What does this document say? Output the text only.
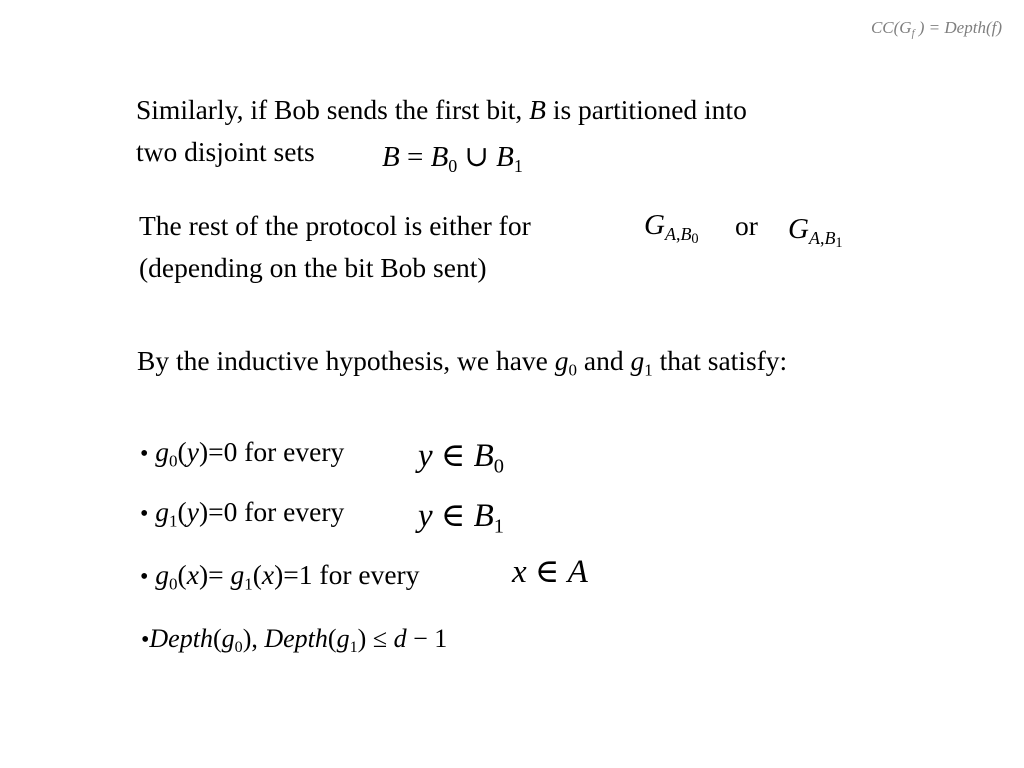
$CC(G_f$ ) = Depth(f)
Similarly, if Bob sends the first bit, B is partitioned into
two disjoint sets $B = B_0$ ∪ $B_1$
The rest of the protocol is either for	$G_{A,B_0}$ or $G_{A,B_1}$
(depending on the bit Bob sent)
By the inductive hypothesis, we have $g_0$ and $g_1$ that satisfy:
• $g_0(y)=0$ for every y ∈ $B_0$
• $g_1(y)=0$ for every y ∈ $B_1$
• $g_0(x)= g_1(x)=1$ for every	x ∈ A
$•Depth(g_0)$, $Depth(g_1) \le d - 1$
